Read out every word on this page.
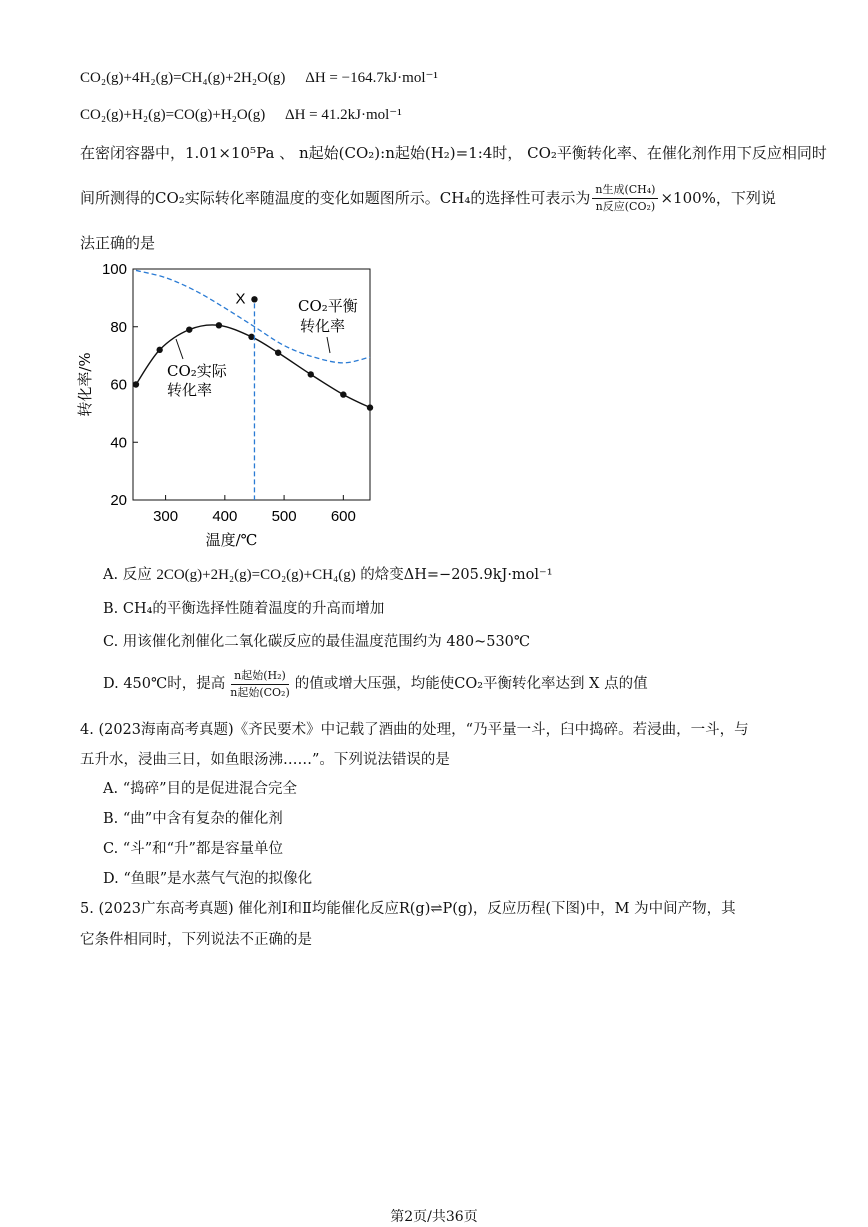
CO₂(g)+4H₂(g)=CH₄(g)+2H₂O(g) ΔH = −164.7kJ·mol⁻¹
CO₂(g)+H₂(g)=CO(g)+H₂O(g) ΔH = 41.2kJ·mol⁻¹
在密闭容器中，1.01×10⁵Pa 、 n起始(CO₂):n起始(H₂)=1:4时， CO₂平衡转化率、在催化剂作用下反应相同时
间所测得的CO₂实际转化率随温度的变化如题图所示。CH₄的选择性可表示为 $\frac{\text{n生成(CH₄)}}{\text{n反应(CO₂)}} \times 100\%$，下列说
法正确的是
300 400 500 600
20
40
60
80
100
温度/℃
转化率/%
X
CO₂实际
转化率
CO₂平衡
转化率
A. 反应 2CO(g)+2H₂(g)=CO₂(g)+CH₄(g) 的焓变ΔH=−205.9kJ·mol⁻¹
B. CH₄的平衡选择性随着温度的升高而增加
C. 用该催化剂催化二氧化碳反应的最佳温度范围约为 480~530℃
D. 450℃时，提高 $\frac{\text{n起始(H₂)}}{\text{n起始(CO₂)}}$ 的值或增大压强，均能使CO₂平衡转化率达到 X 点的值
4. (2023海南高考真题)《齐民要术》中记载了酒曲的处理，“乃平量一斗，臼中捣碎。若浸曲，一斗，与
五升水，浸曲三日，如鱼眼汤沸……”。下列说法错误的是
A. “捣碎”目的是促进混合完全
B. “曲”中含有复杂的催化剂
C. “斗”和“升”都是容量单位
D. “鱼眼”是水蒸气气泡的拟像化
5. (2023广东高考真题) 催化剂Ⅰ和Ⅱ均能催化反应R(g)⇌P(g)，反应历程(下图)中，M 为中间产物，其
它条件相同时，下列说法不正确的是
第2页/共36页
